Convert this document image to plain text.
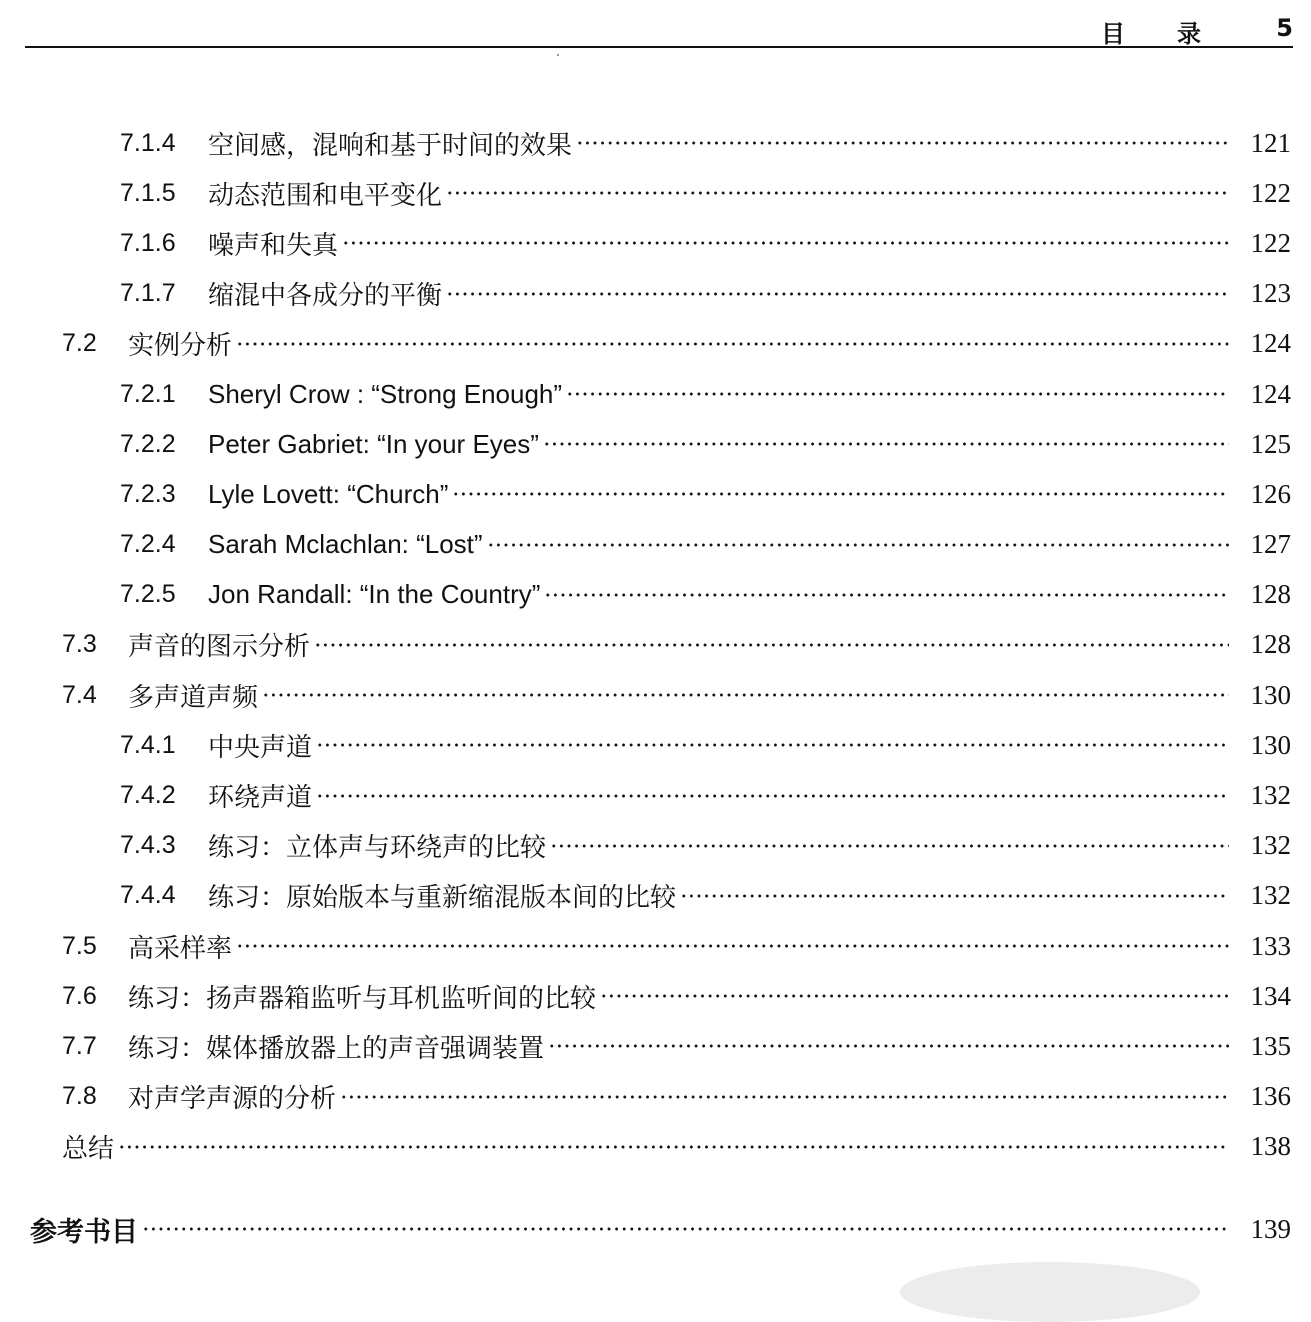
目录 5
7.1.4	空间感，混响和基于时间的效果	121
7.1.5	动态范围和电平变化	122
7.1.6	噪声和失真	122
7.1.7	缩混中各成分的平衡	123
7.2	实例分析	124
7.2.1	Sheryl Crow : “Strong Enough”	124
7.2.2	Peter Gabriet: “In your Eyes”	125
7.2.3	Lyle Lovett: “Church”	126
7.2.4	Sarah Mclachlan: “Lost”	127
7.2.5	Jon Randall: “In the Country”	128
7.3	声音的图示分析	128
7.4	多声道声频	130
7.4.1	中央声道	130
7.4.2	环绕声道	132
7.4.3	练习：立体声与环绕声的比较	132
7.4.4	练习：原始版本与重新缩混版本间的比较	132
7.5	高采样率	133
7.6	练习：扬声器箱监听与耳机监听间的比较	134
7.7	练习：媒体播放器上的声音强调装置	135
7.8	对声学声源的分析	136
总结	138
参考书目	139
